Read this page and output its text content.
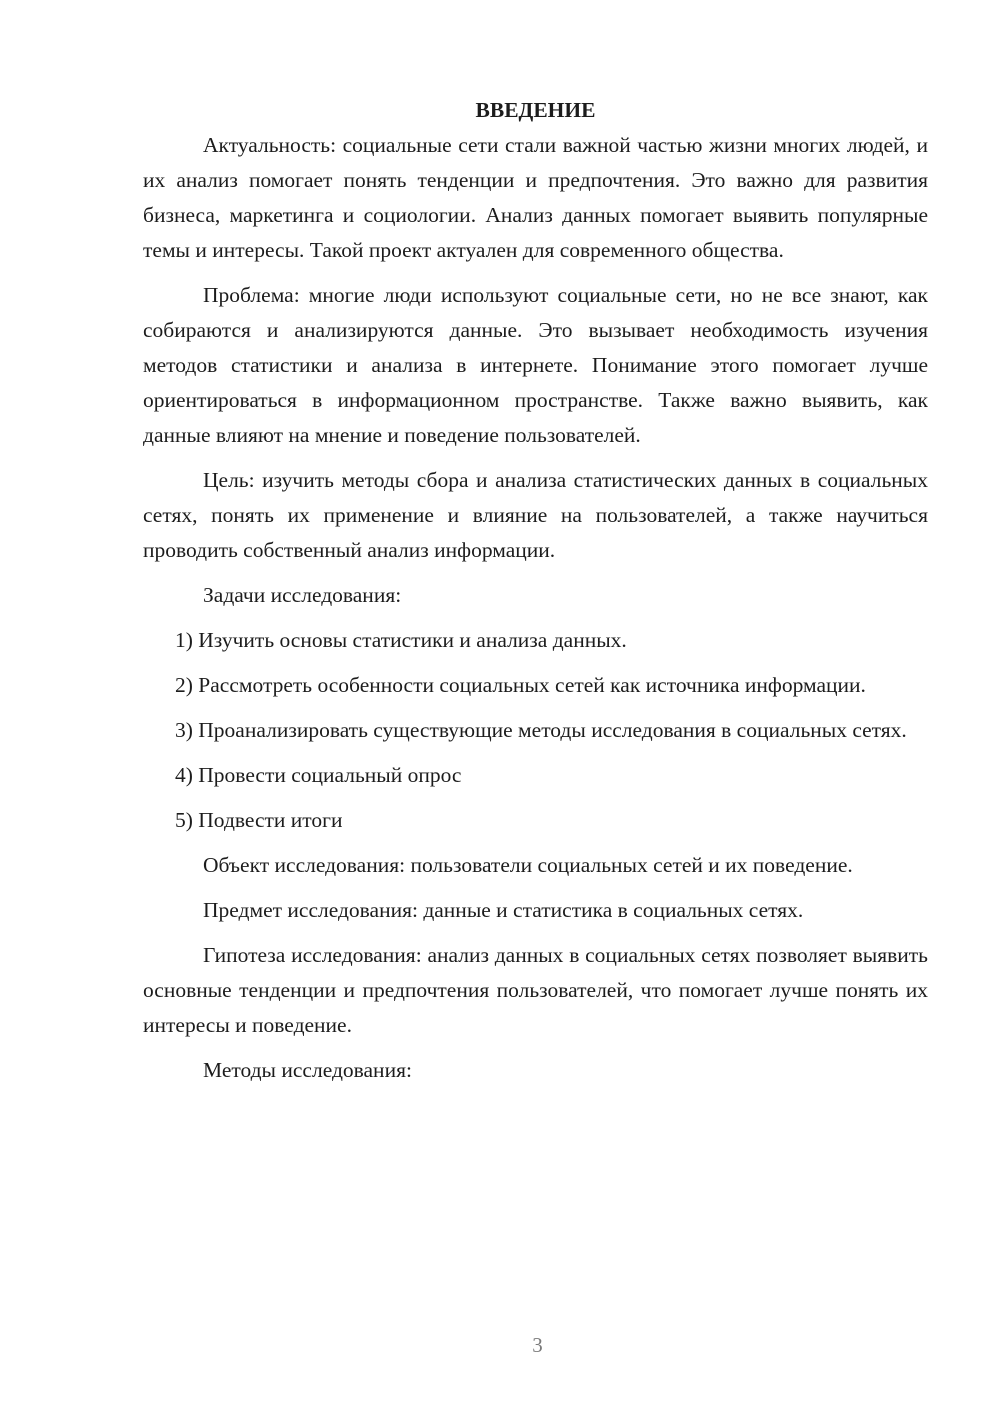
ВВЕДЕНИЕ

Актуальность: социальные сети стали важной частью жизни многих людей, и их анализ помогает понять тенденции и предпочтения. Это важно для развития бизнеса, маркетинга и социологии. Анализ данных помогает выявить популярные темы и интересы. Такой проект актуален для современного общества.

Проблема: многие люди используют социальные сети, но не все знают, как собираются и анализируются данные. Это вызывает необходимость изучения методов статистики и анализа в интернете. Понимание этого помогает лучше ориентироваться в информационном пространстве. Также важно выявить, как данные влияют на мнение и поведение пользователей.

Цель: изучить методы сбора и анализа статистических данных в социальных сетях, понять их применение и влияние на пользователей, а также научиться проводить собственный анализ информации.

Задачи исследования:

1) Изучить основы статистики и анализа данных.

2) Рассмотреть особенности социальных сетей как источника информации.

3) Проанализировать существующие методы исследования в социальных сетях.

4) Провести социальный опрос

5) Подвести итоги

Объект исследования: пользователи социальных сетей и их поведение.

Предмет исследования: данные и статистика в социальных сетях.

Гипотеза исследования: анализ данных в социальных сетях позволяет выявить основные тенденции и предпочтения пользователей, что помогает лучше понять их интересы и поведение.

Методы исследования:

3
